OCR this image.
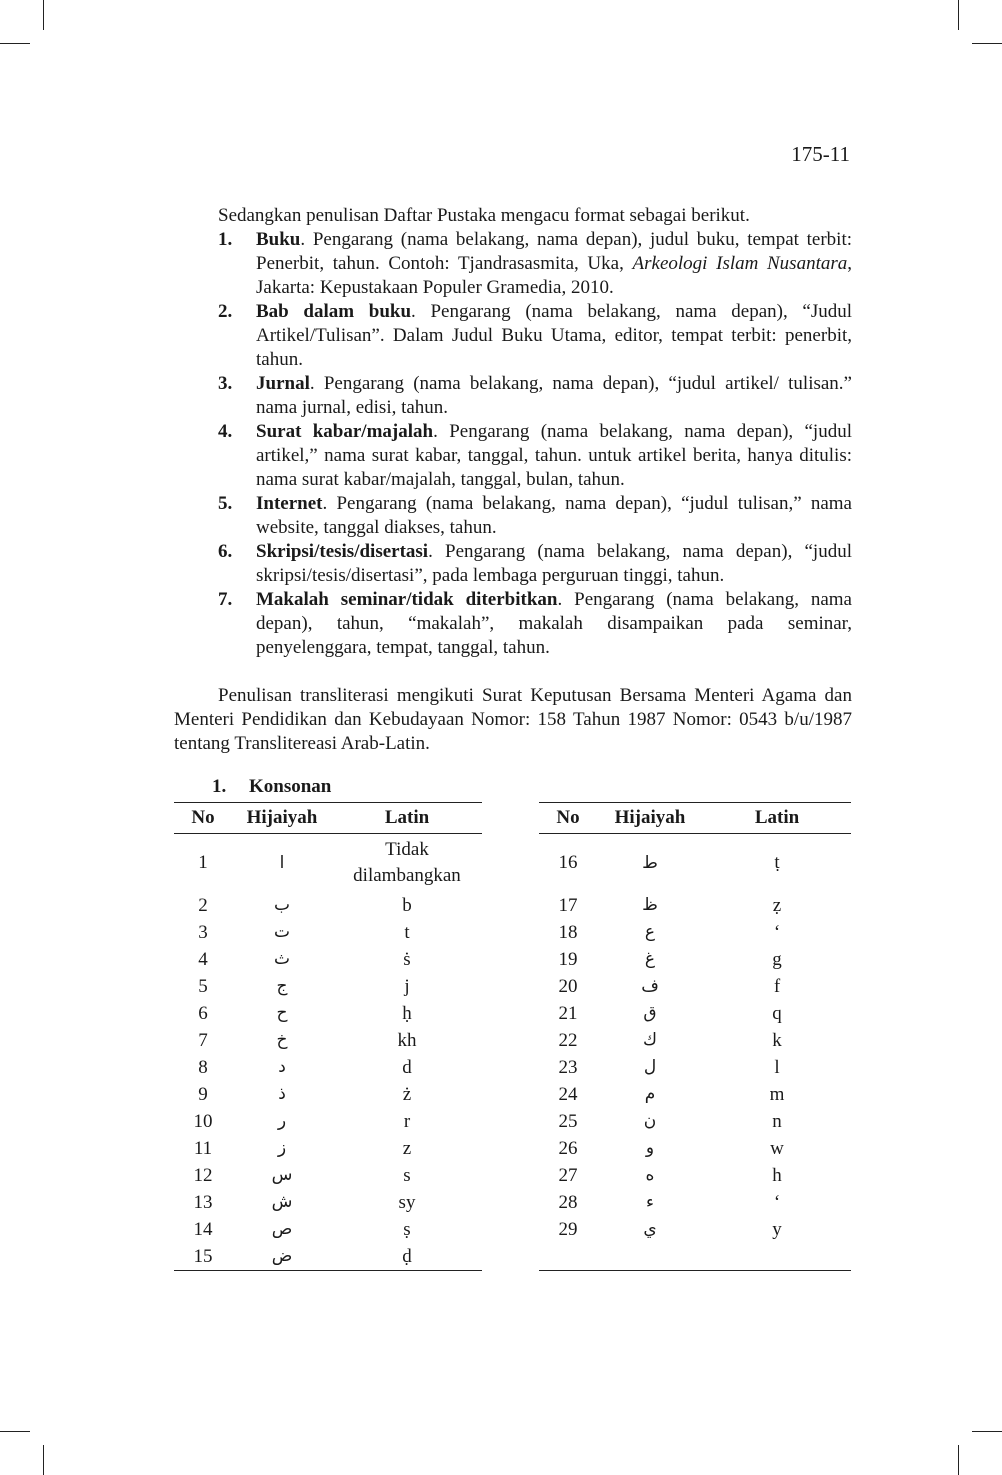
175-11

Sedangkan penulisan Daftar Pustaka mengacu format sebagai berikut.

1. Buku. Pengarang (nama belakang, nama depan), judul buku, tempat terbit: Penerbit, tahun. Contoh: Tjandrasasmita, Uka, Arkeologi Islam Nusantara, Jakarta: Kepustakaan Populer Gramedia, 2010.
2. Bab dalam buku. Pengarang (nama belakang, nama depan), “Judul Artikel/Tulisan”. Dalam Judul Buku Utama, editor, tempat terbit: penerbit, tahun.
3. Jurnal. Pengarang (nama belakang, nama depan), “judul artikel/ tulisan.” nama jurnal, edisi, tahun.
4. Surat kabar/majalah. Pengarang (nama belakang, nama depan), “judul artikel,” nama surat kabar, tanggal, tahun. untuk artikel berita, hanya ditulis: nama surat kabar/majalah, tanggal, bulan, tahun.
5. Internet. Pengarang (nama belakang, nama depan), “judul tulisan,” nama website, tanggal diakses, tahun.
6. Skripsi/tesis/disertasi. Pengarang (nama belakang, nama depan), “judul skripsi/tesis/disertasi”, pada lembaga perguruan tinggi, tahun.
7. Makalah seminar/tidak diterbitkan. Pengarang (nama belakang, nama depan), tahun, “makalah”, makalah disampaikan pada seminar, penyelenggara, tempat, tanggal, tahun.

Penulisan transliterasi mengikuti Surat Keputusan Bersama Menteri Agama dan Menteri Pendidikan dan Kebudayaan Nomor: 158 Tahun 1987 Nomor: 0543 b/u/1987 tentang Translitereasi Arab-Latin.

1. Konsonan
No	Hijaiyah	Latin
1	ا	Tidak dilambangkan
2	ب	b
3	ت	t
4	ث	ṡ
5	ج	j
6	ح	ḥ
7	خ	kh
8	د	d
9	ذ	ż
10	ر	r
11	ز	z
12	س	s
13	ش	sy
14	ص	ṣ
15	ض	ḍ
No	Hijaiyah	Latin
16	ط	ṭ
17	ظ	ẓ
18	ع	‘
19	غ	g
20	ف	f
21	ق	q
22	ك	k
23	ل	l
24	م	m
25	ن	n
26	و	w
27	ه	h
28	ء	‘
29	ي	y
